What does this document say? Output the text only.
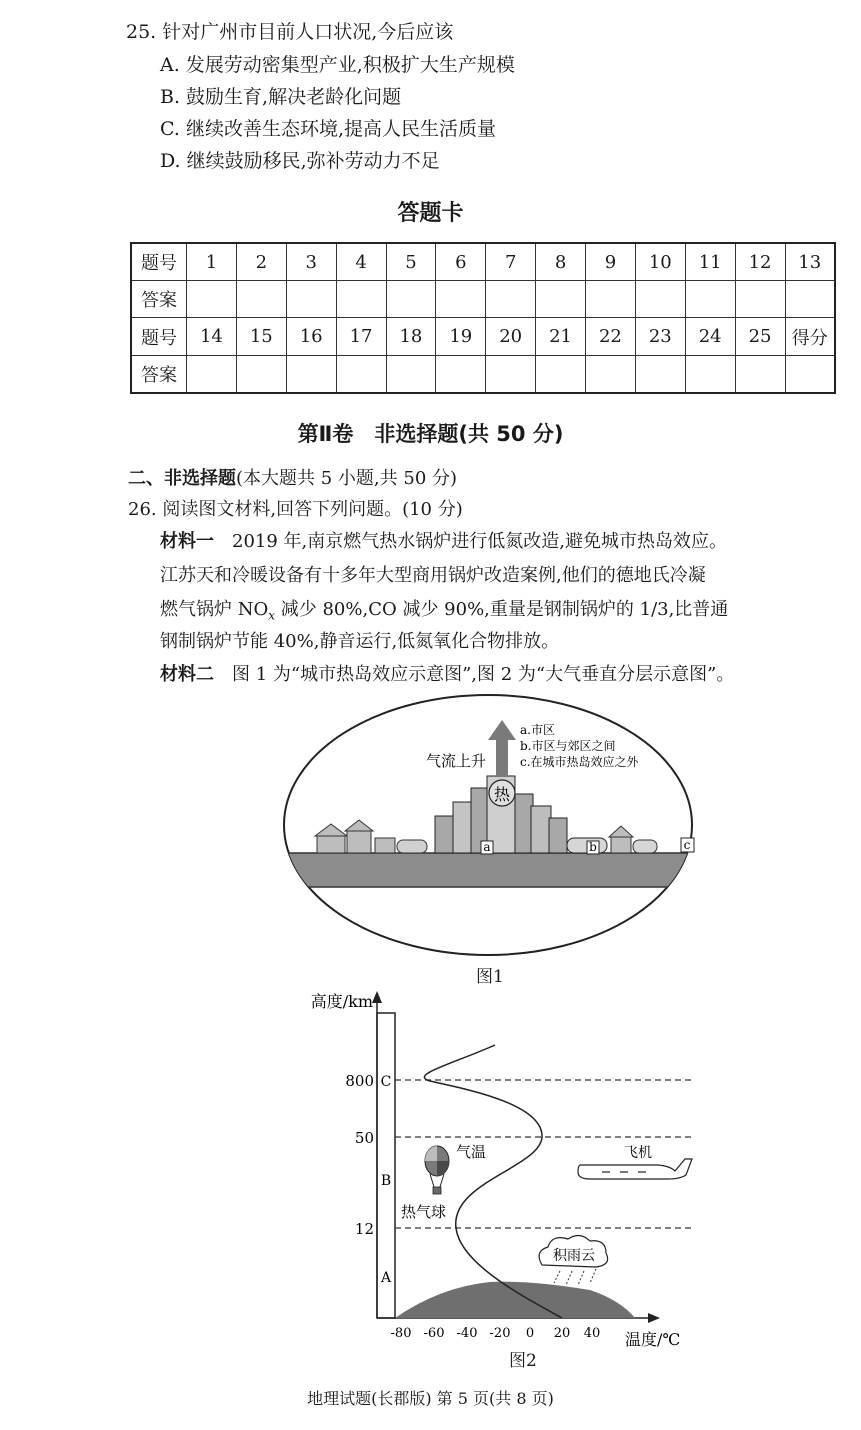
25. 针对广州市目前人口状况,今后应该
A. 发展劳动密集型产业,积极扩大生产规模
B. 鼓励生育,解决老龄化问题
C. 继续改善生态环境,提高人民生活质量
D. 继续鼓励移民,弥补劳动力不足
答题卡
题号	1	2	3	4	5	6	7	8	9	10	11	12	13
答案													
题号	14	15	16	17	18	19	20	21	22	23	24	25	得分
答案													
第Ⅱ卷　非选择题(共 50 分)
二、非选择题(本大题共 5 小题,共 50 分)
26. 阅读图文材料,回答下列问题。(10 分)
材料一　2019 年,南京燃气热水锅炉进行低氮改造,避免城市热岛效应。
江苏天和冷暖设备有十多年大型商用锅炉改造案例,他们的德地氏冷凝
燃气锅炉 $NO_x$ 减少 80%,CO 减少 90%,重量是钢制锅炉的 1/3,比普通
钢制锅炉节能 40%,静音运行,低氮氧化合物排放。
材料二　图 1 为“城市热岛效应示意图”,图 2 为“大气垂直分层示意图”。
热
气流上升
a.市区
b.市区与郊区之间
c.在城市热岛效应之外
a	b	c
图1
高度/km
800
50
12
C
B
A
-80 -60 -40 -20 0 20 40 温度/℃
气温	飞机
热气球
积雨云
图2
地理试题(长郡版) 第 5 页(共 8 页)
